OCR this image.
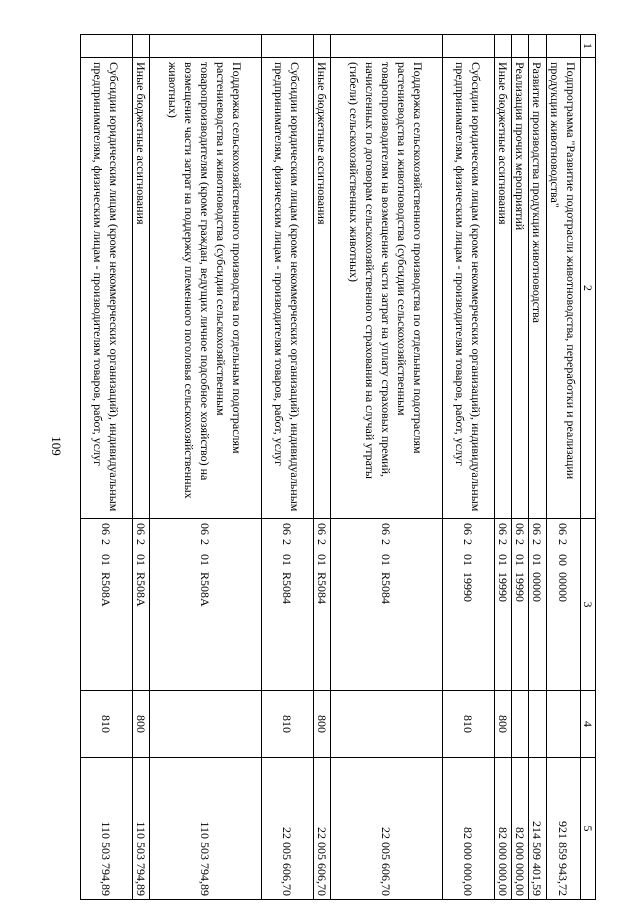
109
1	2	3	4	5
	Подпрограмма "Развитие подотрасли животноводства, переработки и реализации продукции животноводства"	0620000000		921 859 943,72
	Развитие производства продукции животноводства	0620100000		214 509 401,59
	Реализация прочих мероприятий	0620119990		82 000 000,00
	Иные бюджетные ассигнования	0620119990	800	82 000 000,00
	Субсидии юридическим лицам (кроме некоммерческих организаций), индивидуальным предпринимателям, физическим лицам - производителям товаров, работ, услуг	0620119990	810	82 000 000,00
	Поддержка сельскохозяйственного производства по отдельным подотраслям растениеводства и животноводства (субсидии сельскохозяйственным товаропроизводителям на возмещение части затрат на уплату страховых премий, начисленных по договорам сельскохозяйственного страхования на случай утраты (гибели) сельскохозяйственных животных)	06201R5084		22 005 606,70
	Иные бюджетные ассигнования	06201R5084	800	22 005 606,70
	Субсидии юридическим лицам (кроме некоммерческих организаций), индивидуальным предпринимателям, физическим лицам - производителям товаров, работ, услуг	06201R5084	810	22 005 606,70
	Поддержка сельскохозяйственного производства по отдельным подотраслям растениеводства и животноводства (субсидии сельскохозяйственным товаропроизводителям (кроме граждан, ведущих личное подсобное хозяйство) на возмещение части затрат на поддержку племенного поголовья сельскохозяйственных животных)	06201R508A		110 503 794,89
	Иные бюджетные ассигнования	06201R508A	800	110 503 794,89
	Субсидии юридическим лицам (кроме некоммерческих организаций), индивидуальным предпринимателям, физическим лицам - производителям товаров, работ, услуг	06201R508A	810	110 503 794,89
